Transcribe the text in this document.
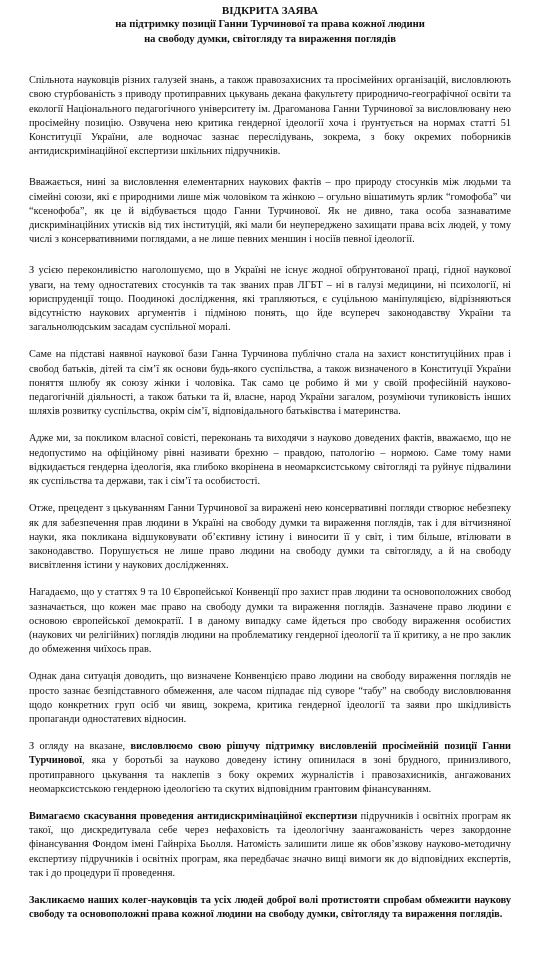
ВІДКРИТА ЗАЯВА
на підтримку позиції Ганни Турчинової та права кожної людини
на свободу думки, світогляду та вираження поглядів

Спільнота науковців різних галузей знань, а також правозахисних та просімейних організацій, висловлюють свою стурбованість з приводу протиправних цькувань декана факультету природничо-географічної освіти та екології Національного педагогічного університету ім. Драгоманова Ганни Турчинової за висловлювану нею просімейну позицію. Озвучена нею критика гендерної ідеології хоча і ґрунтується на нормах статті 51 Конституції України, але водночас зазнає переслідувань, зокрема, з боку окремих поборників антидискримінаційної експертизи шкільних підручників.

Вважається, нині за висловлення елементарних наукових фактів – про природу стосунків між людьми та сімейні союзи, які є природними лише між чоловіком та жінкою – огульно вішатимуть ярлик “гомофоба” чи “ксенофоба”, як це й відбувається щодо Ганни Турчинової. Як не дивно, така особа зазнаватиме дискримінаційних утисків від тих інституцій, які мали би неупереджено захищати права всіх людей, у тому числі з консервативними поглядами, а не лише певних меншин і носіїв певної ідеології.

З усією переконливістю наголошуємо, що в Україні не існує жодної обґрунтованої праці, гідної наукової уваги, на тему одностатевих стосунків та так званих прав ЛГБТ – ні в галузі медицини, ні психології, ні юриспруденції тощо. Поодинокі дослідження, які трапляються, є суцільною маніпуляцією, відрізняються відсутністю наукових аргументів і підміною понять, що йде всупереч законодавству України та загальнолюдським засадам суспільної моралі.

Саме на підставі наявної наукової бази Ганна Турчинова публічно стала на захист конституційних прав і свобод батьків, дітей та сім’ї як основи будь-якого суспільства, а також визначеного в Конституції України поняття шлюбу як союзу жінки і чоловіка. Так само це робимо й ми у своїй професійній науково-педагогічній діяльності, а також батьки та й, власне, народ України загалом, розуміючи тупиковість інших шляхів розвитку суспільства, окрім сім’ї, відповідального батьківства і материнства.

Адже ми, за покликом власної совісті, переконань та виходячи з науково доведених фактів, вважаємо, що не недопустимо на офіційному рівні називати брехню – правдою, патологію – нормою. Саме тому нами відкидається гендерна ідеологія, яка глибоко вкорінена в неомарксистському світогляді та руйнує підвалини як суспільства та держави, так і сім’ї та особистості.

Отже, прецедент з цькуванням Ганни Турчинової за виражені нею консервативні погляди створює небезпеку як для забезпечення прав людини в Україні на свободу думки та вираження поглядів, так і для вітчизняної науки, яка покликана відшуковувати об’єктивну істину і виносити її у світ, і тим більше, втілювати в законодавство. Порушується не лише право людини на свободу думки та світогляду, а й на свободу висвітлення істини у наукових дослідженнях.

Нагадаємо, що у статтях 9 та 10 Європейської Конвенції про захист прав людини та основоположних свобод зазначається, що кожен має право на свободу думки та вираження поглядів. Зазначене право людини є основою європейської демократії. І в даному випадку саме йдеться про свободу вираження особистих (наукових чи релігійних) поглядів людини на проблематику гендерної ідеології та її критику, а не про заклик до обмеження чиїхось прав.

Однак дана ситуація доводить, що визначене Конвенцією право людини на свободу вираження поглядів не просто зазнає безпідставного обмеження, але часом підпадає під суворе “табу” на свободу висловлювання щодо конкретних груп осіб чи явищ, зокрема, критика гендерної ідеології та заяви про шкідливість пропаганди одностатевих відносин.

З огляду на вказане, висловлюємо свою рішучу підтримку висловленій просімейній позиції Ганни Турчинової, яка у боротьбі за науково доведену істину опинилася в зоні брудного, принизливого, протиправного цькування та наклепів з боку окремих журналістів і правозахисників, ангажованих неомарксистською гендерною ідеологією та скутих відповідним грантовим фінансуванням.

Вимагаємо скасування проведення антидискримінаційної експертизи підручників і освітніх програм як такої, що дискредитувала себе через нефаховість та ідеологічну заангажованість через закордонне фінансування Фондом імені Гайнріха Бьолля. Натомість залишити лише як обов’язкову науково-методичну експертизу підручників і освітніх програм, яка передбачає значно вищі вимоги як до відповідних експертів, так і до процедури її проведення.

Закликаємо наших колег-науковців та усіх людей доброї волі протистояти спробам обмежити наукову свободу та основоположні права кожної людини на свободу думки, світогляду та вираження поглядів.
